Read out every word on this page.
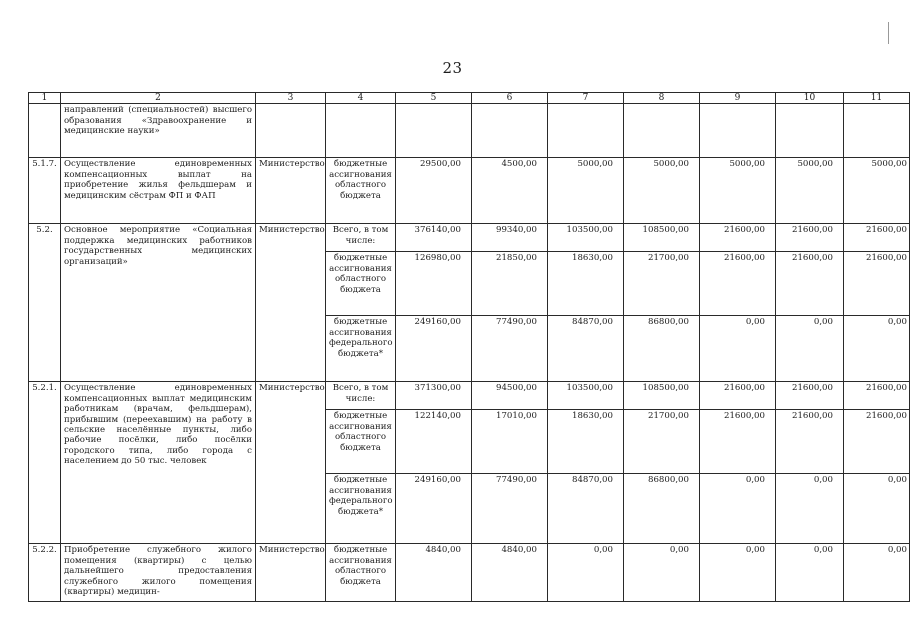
23
1	2	3	4	5	6	7	8	9	10	11
	направлений (специальностей) высшего образования «Здравоохранение и медицинские науки»									
5.1.7.	Осуществление единовременных компенсационных выплат на приобретение жилья фельдшерам и медицинским сёстрам ФП и ФАП	Министерство	бюджетные ассигнования областного бюджета	29500,00	4500,00	5000,00	5000,00	5000,00	5000,00	5000,00
5.2.	Основное мероприятие «Социальная поддержка медицинских работников государственных медицинских организаций»	Министерство	Всего, в том числе:	376140,00	99340,00	103500,00	108500,00	21600,00	21600,00	21600,00
			бюджетные ассигнования областного бюджета	126980,00	21850,00	18630,00	21700,00	21600,00	21600,00	21600,00
			бюджетные ассигнования федерального бюджета*	249160,00	77490,00	84870,00	86800,00	0,00	0,00	0,00
5.2.1.	Осуществление единовременных компенсационных выплат медицинским работникам (врачам, фельдшерам), прибывшим (переехавшим) на работу в сельские населённые пункты, либо рабочие посёлки, либо посёлки городского типа, либо города с населением до 50 тыс. человек	Министерство	Всего, в том числе:	371300,00	94500,00	103500,00	108500,00	21600,00	21600,00	21600,00
			бюджетные ассигнования областного бюджета	122140,00	17010,00	18630,00	21700,00	21600,00	21600,00	21600,00
			бюджетные ассигнования федерального бюджета*	249160,00	77490,00	84870,00	86800,00	0,00	0,00	0,00
5.2.2.	Приобретение служебного жилого помещения (квартиры) с целью дальнейшего предоставления служебного жилого помещения (квартиры) медицин-	Министерство	бюджетные ассигнования областного бюджета	4840,00	4840,00	0,00	0,00	0,00	0,00	0,00
